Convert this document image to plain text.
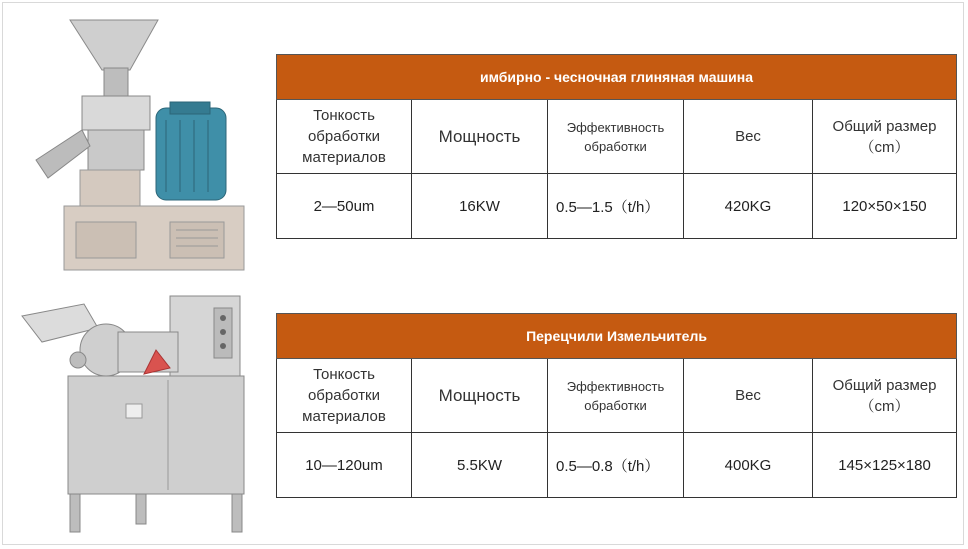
имбирно - чесночная глиняная машина				
Тонкость обработки материалов	Мощность	Эффективность обработки	Вес	Общий размер（cm）
2—50um	16KW	0.5—1.5（t/h）	420KG	120×50×150
Перецчили Измельчитель				
Тонкость обработки материалов	Мощность	Эффективность обработки	Вес	Общий размер（cm）
10—120um	5.5KW	0.5—0.8（t/h）	400KG	145×125×180
